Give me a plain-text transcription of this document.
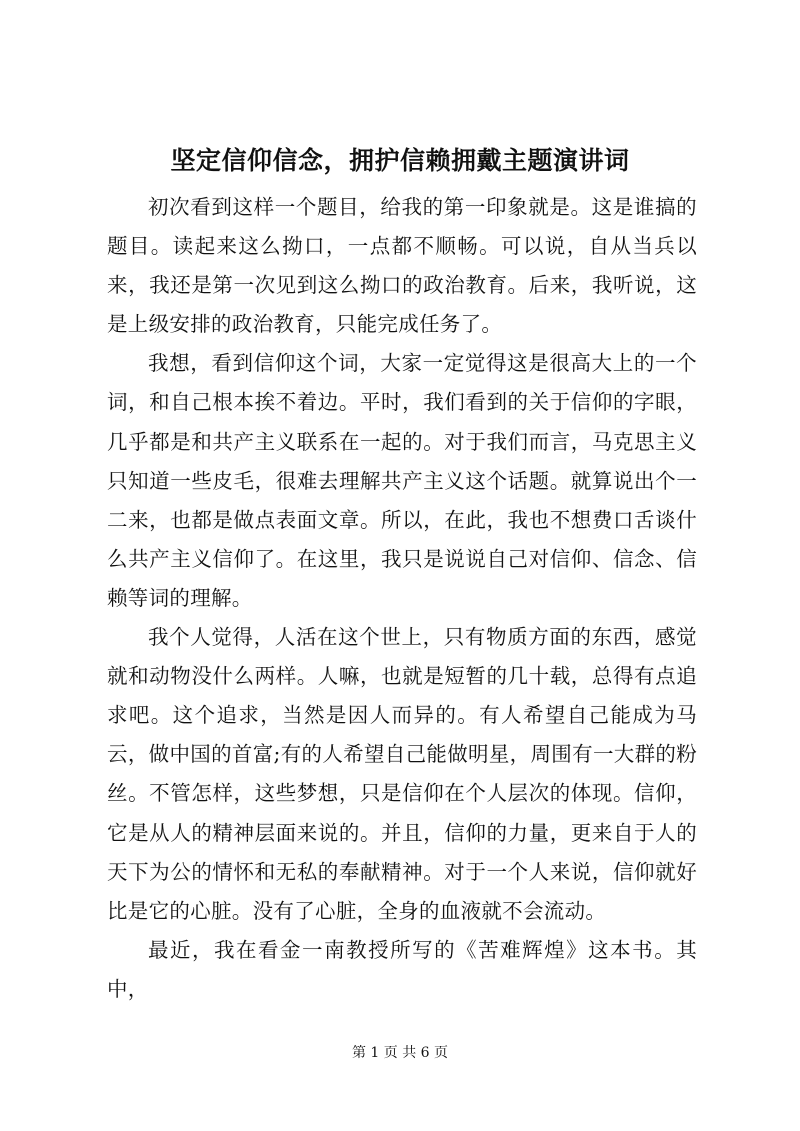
坚定信仰信念，拥护信赖拥戴主题演讲词

初次看到这样一个题目，给我的第一印象就是。这是谁搞的题目。读起来这么拗口，一点都不顺畅。可以说，自从当兵以来，我还是第一次见到这么拗口的政治教育。后来，我听说，这是上级安排的政治教育，只能完成任务了。

我想，看到信仰这个词，大家一定觉得这是很高大上的一个词，和自己根本挨不着边。平时，我们看到的关于信仰的字眼，几乎都是和共产主义联系在一起的。对于我们而言，马克思主义只知道一些皮毛，很难去理解共产主义这个话题。就算说出个一二来，也都是做点表面文章。所以，在此，我也不想费口舌谈什么共产主义信仰了。在这里，我只是说说自己对信仰、信念、信赖等词的理解。

我个人觉得，人活在这个世上，只有物质方面的东西，感觉就和动物没什么两样。人嘛，也就是短暂的几十载，总得有点追求吧。这个追求，当然是因人而异的。有人希望自己能成为马云，做中国的首富;有的人希望自己能做明星，周围有一大群的粉丝。不管怎样，这些梦想，只是信仰在个人层次的体现。信仰，它是从人的精神层面来说的。并且，信仰的力量，更来自于人的天下为公的情怀和无私的奉献精神。对于一个人来说，信仰就好比是它的心脏。没有了心脏，全身的血液就不会流动。

最近，我在看金一南教授所写的《苦难辉煌》这本书。其中，

第 1 页 共 6 页
